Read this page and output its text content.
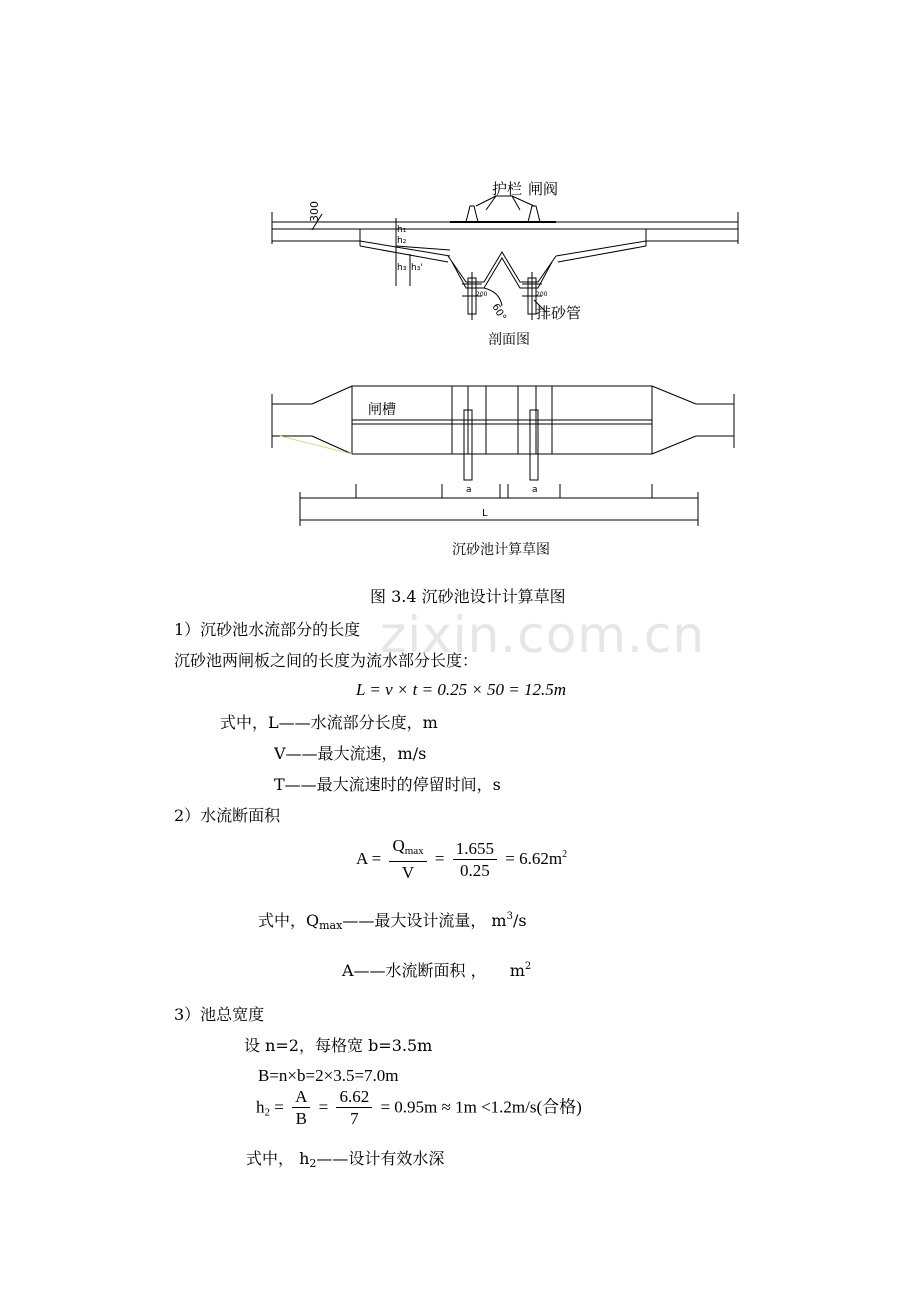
zixin.com.cn
护栏 闸阀
300
h₁
h₂
h₃ h₃'
60°
200	200
排砂管
剖面图
闸槽
a	a
L
沉砂池计算草图
图 3.4 沉砂池设计计算草图
1）沉砂池水流部分的长度
沉砂池两闸板之间的长度为流水部分长度：
L = v × t = 0.25 × 50 = 12.5m
式中，L——水流部分长度，m
V——最大流速，m/s
T——最大流速时的停留时间，s
2）水流断面积
$A = \frac{Q_{max}}{V} = \frac{1.655}{0.25} = 6.62m^2$
式中，$Q_{max}——$最大设计流量， $m^3/s$
A——水流断面积 ， $m^2$
3）池总宽度
设 n=2，每格宽 b=3.5m
B=n×b=2×3.5=7.0m
$h_2 = \frac{A}{B} = \frac{6.62}{7} = 0.95m \approx 1m <1.2m/s$(合格)
式中， $h_2——$设计有效水深
